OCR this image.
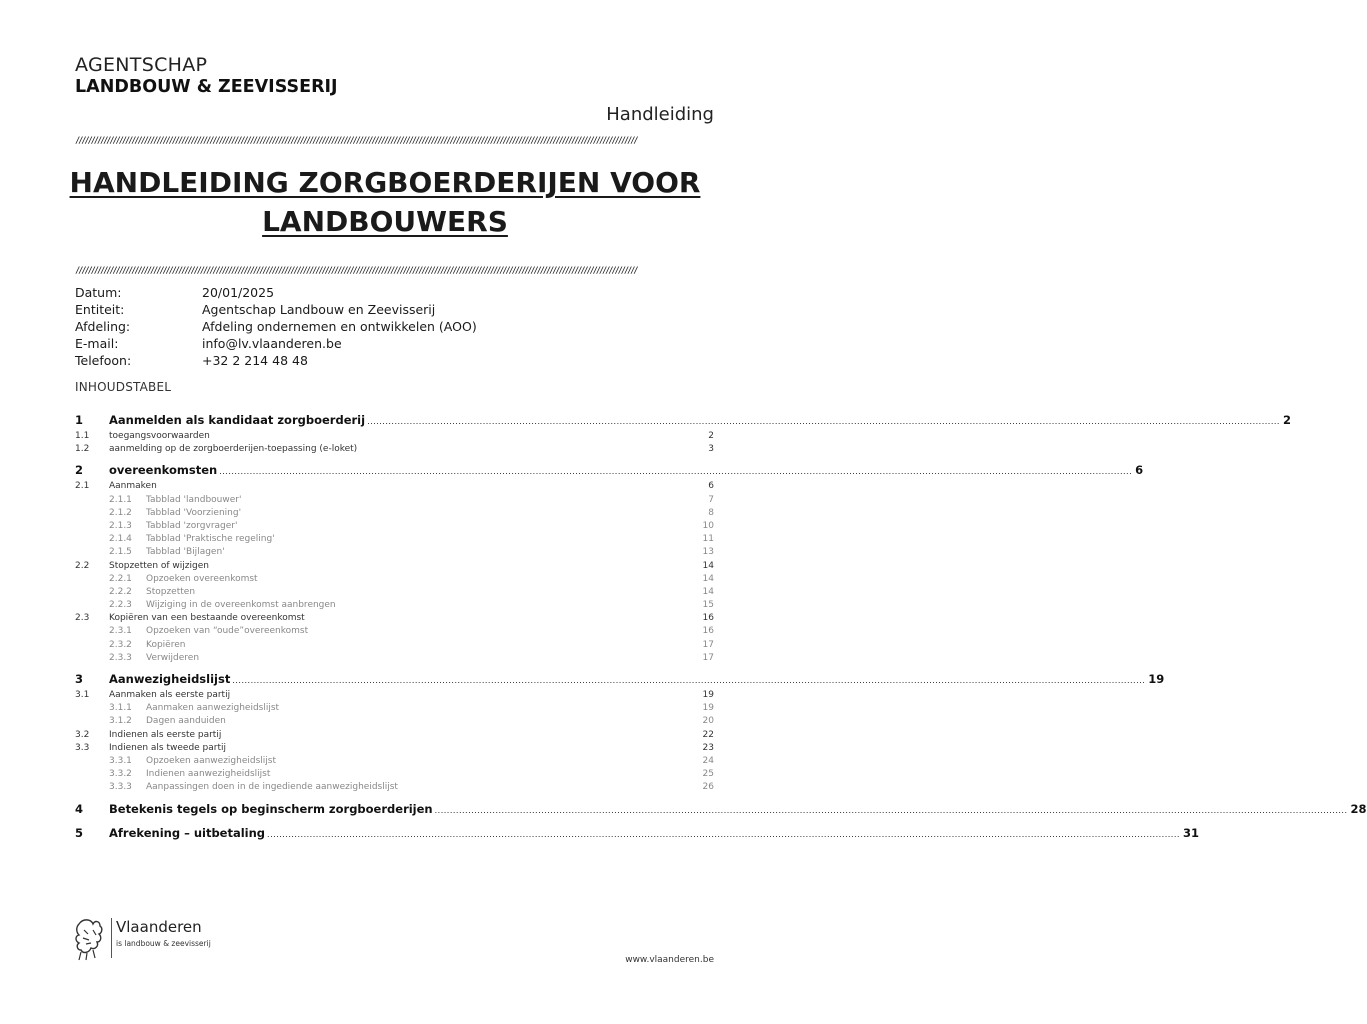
AGENTSCHAP
LANDBOUW & ZEEVISSERIJ
Handleiding
////////////////////////////////////////////////////////////////////////////////////////////////////////////////////////////////////////////////////////////////////////////////////
HANDLEIDING ZORGBOERDERIJEN VOOR
LANDBOUWERS
////////////////////////////////////////////////////////////////////////////////////////////////////////////////////////////////////////////////////////////////////////////////////
Datum:	20/01/2025
Entiteit:	Agentschap Landbouw en Zeevisserij
Afdeling:	Afdeling ondernemen en ontwikkelen (AOO)
E-mail:	info@lv.vlaanderen.be
Telefoon:	+32 2 214 48 48
INHOUDSTABEL
1 Aanmelden als kandidaat zorgboerderij ............................................................................................................................................................................................................................................................................................................ 2
1.1 toegangsvoorwaarden	2
1.2 aanmelding op de zorgboerderijen-toepassing (e-loket)	3
2 overeenkomsten ............................................................................................................................................................................................................................................................................................................ 6
2.1 Aanmaken	6
2.1.1 Tabblad 'landbouwer'	7
2.1.2 Tabblad 'Voorziening'	8
2.1.3 Tabblad 'zorgvrager'	10
2.1.4 Tabblad 'Praktische regeling'	11
2.1.5 Tabblad 'Bijlagen'	13
2.2 Stopzetten of wijzigen	14
2.2.1 Opzoeken overeenkomst	14
2.2.2 Stopzetten	14
2.2.3 Wijziging in de overeenkomst aanbrengen	15
2.3 Kopiëren van een bestaande overeenkomst	16
2.3.1 Opzoeken van “oude”overeenkomst	16
2.3.2 Kopiëren	17
2.3.3 Verwijderen	17
3 Aanwezigheidslijst ............................................................................................................................................................................................................................................................................................................ 19
3.1 Aanmaken als eerste partij	19
3.1.1 Aanmaken aanwezigheidslijst	19
3.1.2 Dagen aanduiden	20
3.2 Indienen als eerste partij	22
3.3 Indienen als tweede partij	23
3.3.1 Opzoeken aanwezigheidslijst	24
3.3.2 Indienen aanwezigheidslijst	25
3.3.3 Aanpassingen doen in de ingediende aanwezigheidslijst	26
4 Betekenis tegels op beginscherm zorgboerderijen ............................................................................................................................................................................................................................................................................................................ 28
5 Afrekening – uitbetaling ............................................................................................................................................................................................................................................................................................................ 31
Vlaanderen
is landbouw & zeevisserij
www.vlaanderen.be
